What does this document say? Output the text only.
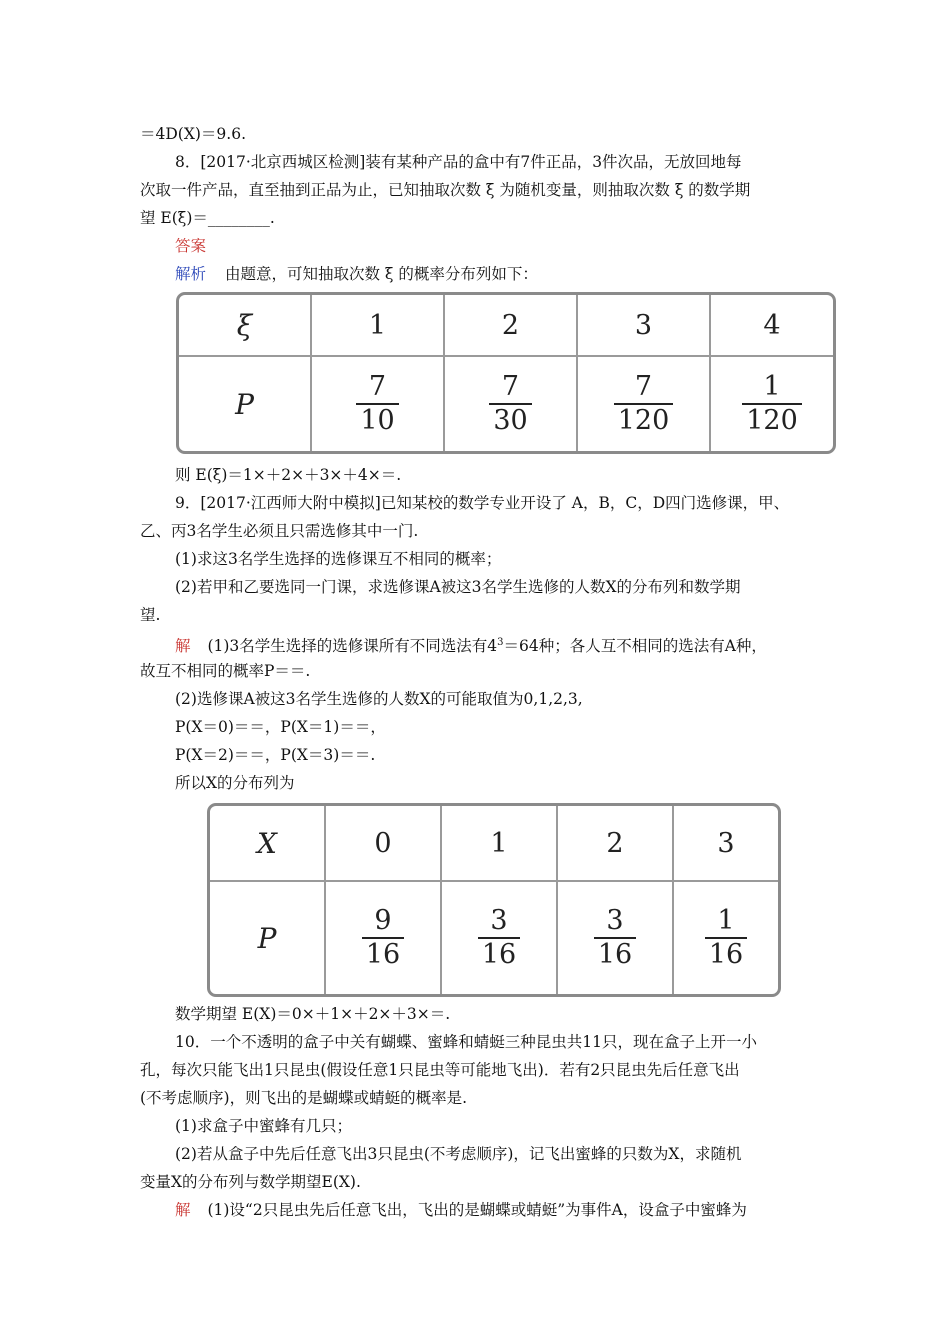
＝4D(X)＝9.6.
8．[2017·北京西城区检测]装有某种产品的盒中有7件正品，3件次品，无放回地每
次取一件产品，直至抽到正品为止，已知抽取次数 ξ 为随机变量，则抽取次数 ξ 的数学期
望 E(ξ)＝________.
答案
解析 由题意，可知抽取次数 ξ 的概率分布列如下：
ξ	1	2	3	4
P	$\frac{7}{10}$	$\frac{7}{30}$	$\frac{7}{120}$	$\frac{1}{120}$
则 E(ξ)＝1×＋2×＋3×＋4×＝.
9．[2017·江西师大附中模拟]已知某校的数学专业开设了 A，B，C，D四门选修课，甲、
乙、丙3名学生必须且只需选修其中一门.
(1)求这3名学生选择的选修课互不相同的概率；
(2)若甲和乙要选同一门课，求选修课A被这3名学生选修的人数X的分布列和数学期
望.
解 (1)3名学生选择的选修课所有不同选法有$4^3=64$种；各人互不相同的选法有A种，
故互不相同的概率P＝＝.
(2)选修课A被这3名学生选修的人数X的可能取值为0,1,2,3,
P(X＝0)＝＝，P(X＝1)＝＝，
P(X＝2)＝＝，P(X＝3)＝＝.
所以X的分布列为
X	0	1	2	3
P	$\frac{9}{16}$	$\frac{3}{16}$	$\frac{3}{16}$	$\frac{1}{16}$
数学期望 E(X)＝0×＋1×＋2×＋3×＝.
10．一个不透明的盒子中关有蝴蝶、蜜蜂和蜻蜓三种昆虫共11只，现在盒子上开一小
孔，每次只能飞出1只昆虫(假设任意1只昆虫等可能地飞出)．若有2只昆虫先后任意飞出
(不考虑顺序)，则飞出的是蝴蝶或蜻蜓的概率是.
(1)求盒子中蜜蜂有几只；
(2)若从盒子中先后任意飞出3只昆虫(不考虑顺序)，记飞出蜜蜂的只数为X，求随机
变量X的分布列与数学期望E(X).
解 (1)设“2只昆虫先后任意飞出，飞出的是蝴蝶或蜻蜓”为事件A，设盒子中蜜蜂为
